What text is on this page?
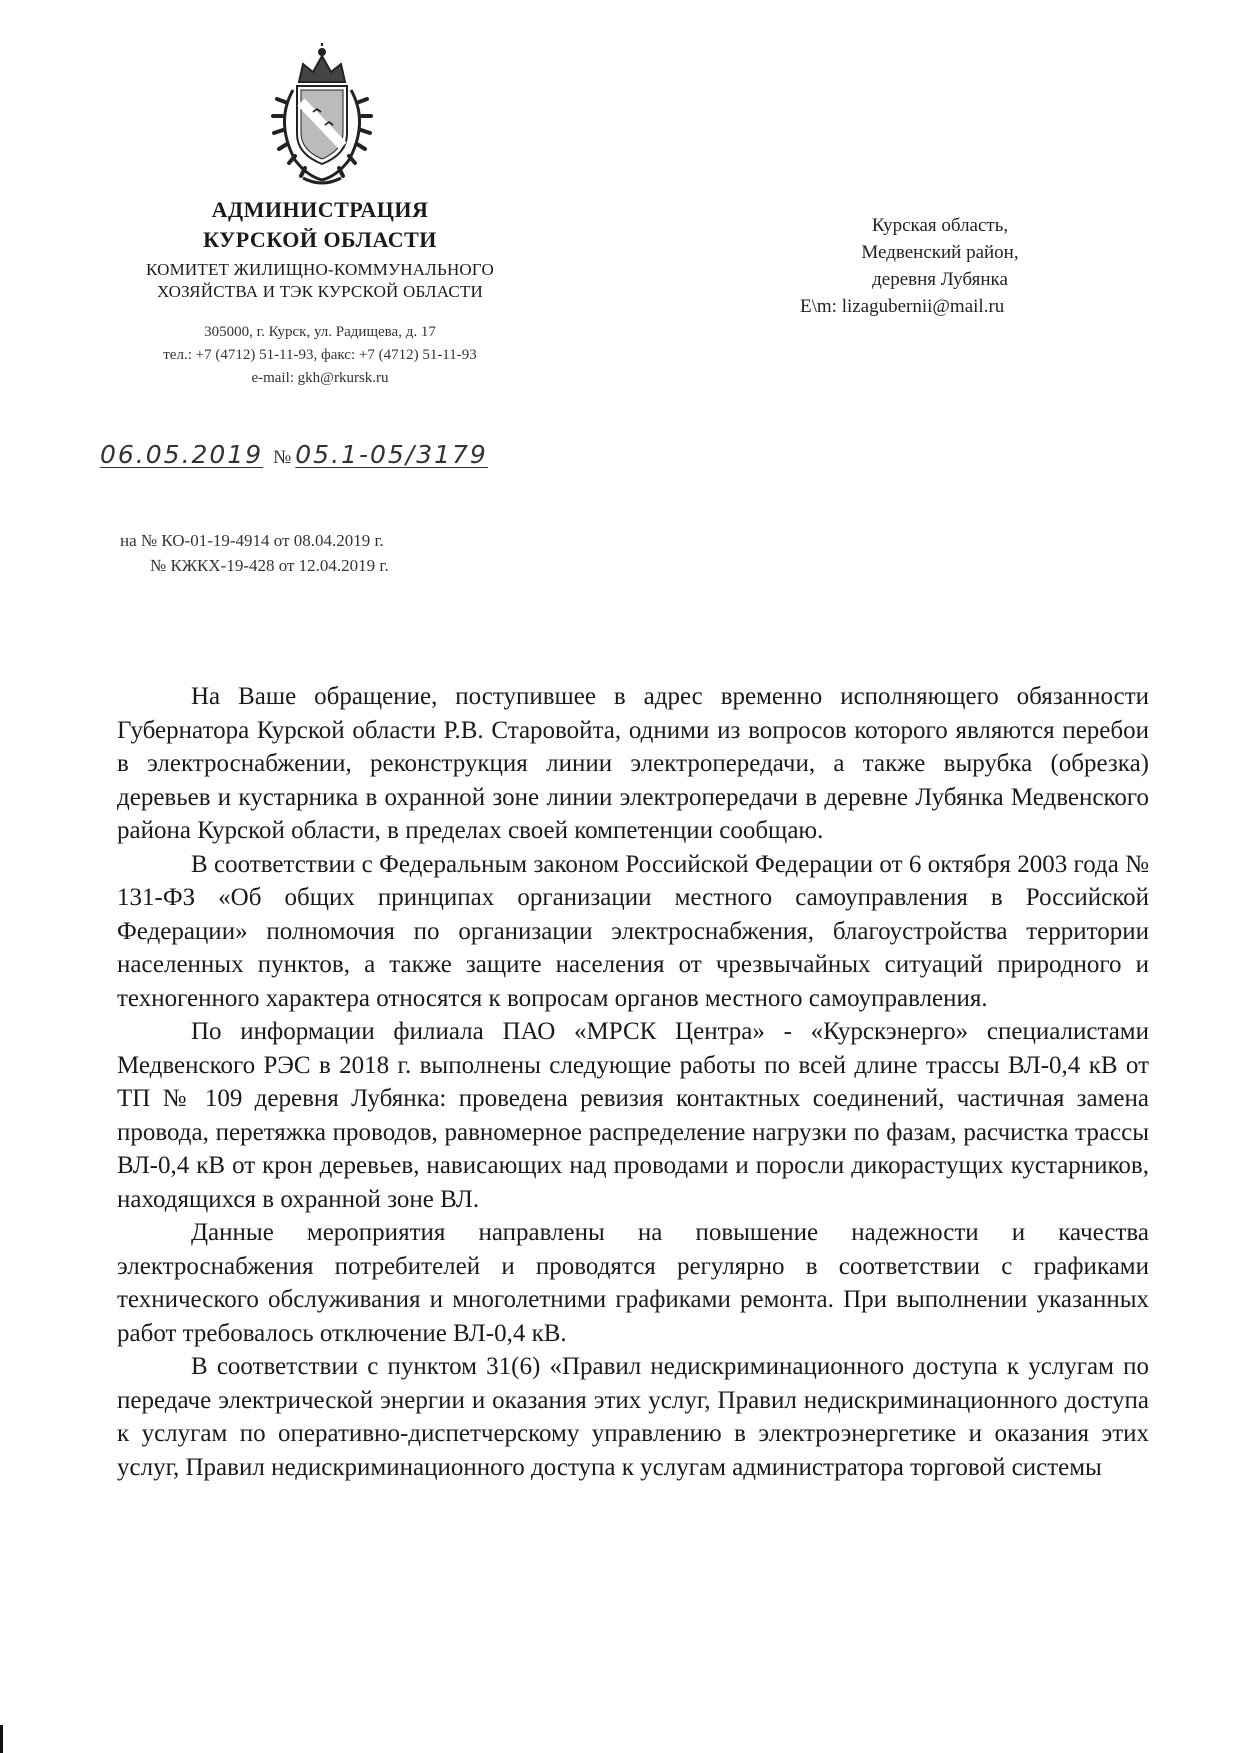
АДМИНИСТРАЦИЯ
КУРСКОЙ ОБЛАСТИ
КОМИТЕТ ЖИЛИЩНО-КОММУНАЛЬНОГО
ХОЗЯЙСТВА И ТЭК КУРСКОЙ ОБЛАСТИ
305000, г. Курск, ул. Радищева, д. 17
тел.: +7 (4712) 51-11-93, факс: +7 (4712) 51-11-93
e-mail: gkh@rkursk.ru
Курская область,
Медвенский район,
деревня Лубянка
E\m: lizagubernii@mail.ru
06.05.2019 № 05.1-05/3179
на № КО-01-19-4914 от 08.04.2019 г.
№ КЖКХ-19-428 от 12.04.2019 г.

На Ваше обращение, поступившее в адрес временно исполняющего обязанности Губернатора Курской области Р.В. Старовойта, одними из вопросов которого являются перебои в электроснабжении, реконструкция линии электропередачи, а также вырубка (обрезка) деревьев и кустарника в охранной зоне линии электропередачи в деревне Лубянка Медвенского района Курской области, в пределах своей компетенции сообщаю.

В соответствии с Федеральным законом Российской Федерации от 6 октября 2003 года № 131-ФЗ «Об общих принципах организации местного самоуправления в Российской Федерации» полномочия по организации электроснабжения, благоустройства территории населенных пунктов, а также защите населения от чрезвычайных ситуаций природного и техногенного характера относятся к вопросам органов местного самоуправления.

По информации филиала ПАО «МРСК Центра» - «Курскэнерго» специалистами Медвенского РЭС в 2018 г. выполнены следующие работы по всей длине трассы ВЛ-0,4 кВ от ТП № 109 деревня Лубянка: проведена ревизия контактных соединений, частичная замена провода, перетяжка проводов, равномерное распределение нагрузки по фазам, расчистка трассы ВЛ-0,4 кВ от крон деревьев, нависающих над проводами и поросли дикорастущих кустарников, находящихся в охранной зоне ВЛ.

Данные мероприятия направлены на повышение надежности и качества электроснабжения потребителей и проводятся регулярно в соответствии с графиками технического обслуживания и многолетними графиками ремонта. При выполнении указанных работ требовалось отключение ВЛ-0,4 кВ.

В соответствии с пунктом 31(6) «Правил недискриминационного доступа к услугам по передаче электрической энергии и оказания этих услуг, Правил недискриминационного доступа к услугам по оперативно-диспетчерскому управлению в электроэнергетике и оказания этих услуг, Правил недискриминационного доступа к услугам администратора торговой системы
